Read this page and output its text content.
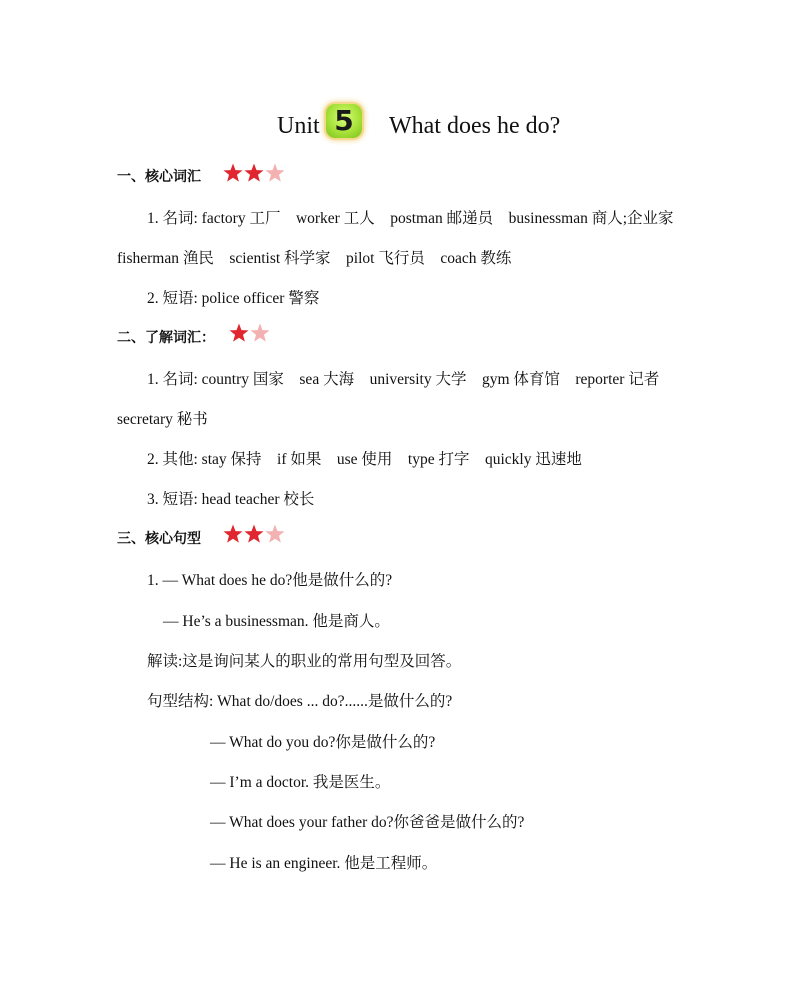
Unit	What does he do?
5
一、核心词汇
1. 名词: factory 工厂　worker 工人　postman 邮递员　businessman 商人;企业家
fisherman 渔民　scientist 科学家　pilot 飞行员　coach 教练
2. 短语: police officer 警察
二、了解词汇：
1. 名词: country 国家　sea 大海　university 大学　gym 体育馆　reporter 记者
secretary 秘书
2. 其他: stay 保持　if 如果　use 使用　type 打字　quickly 迅速地
3. 短语: head teacher 校长
三、核心句型
1. — What does he do?他是做什么的?
— He’s a businessman. 他是商人。
解读:这是询问某人的职业的常用句型及回答。
句型结构: What do/does ... do?......是做什么的?
— What do you do?你是做什么的?
— I’m a doctor. 我是医生。
— What does your father do?你爸爸是做什么的?
— He is an engineer. 他是工程师。
